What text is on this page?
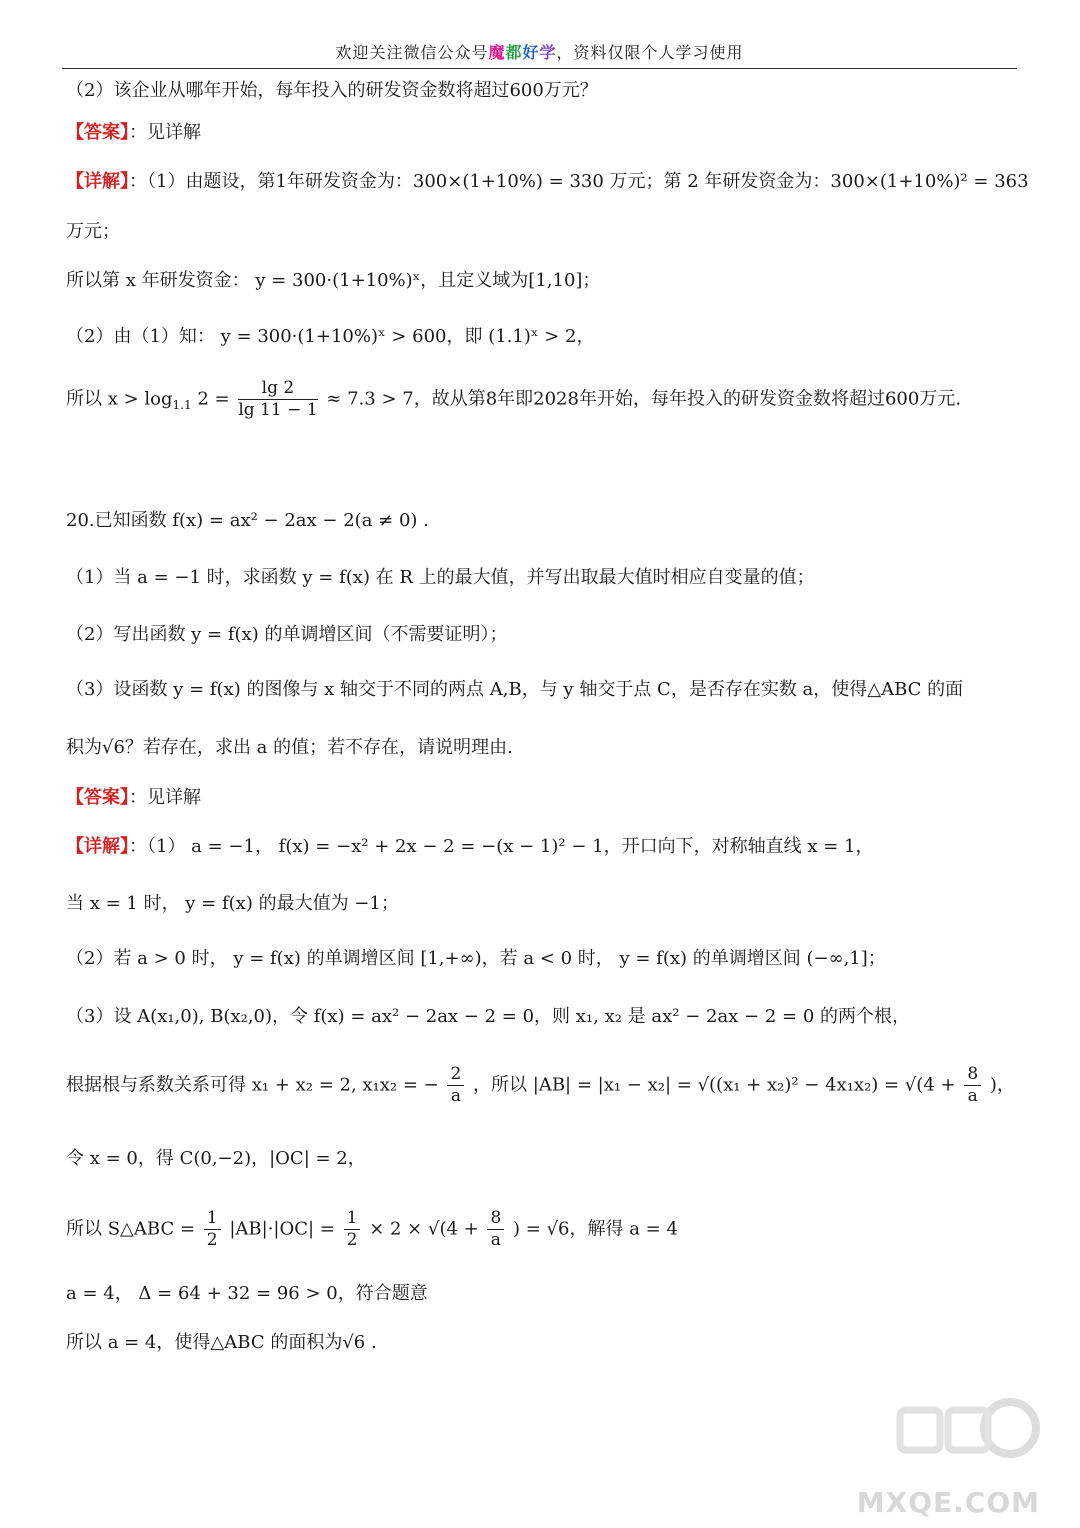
欢迎关注微信公众号魔都好学，资料仅限个人学习使用
（2）该企业从哪年开始，每年投入的研发资金数将超过600万元？
【答案】：见详解
【详解】：（1）由题设，第1年研发资金为：300×(1+10%) = 330 万元；第 2 年研发资金为：300×(1+10%)² = 363
万元；
所以第 x 年研发资金： y = 300·(1+10%)ˣ，且定义域为[1,10]；
（2）由（1）知： y = 300·(1+10%)ˣ > 600，即 (1.1)ˣ > 2，
所以 $x > \log_{1.1} 2 = \frac{\lg 2}{\lg 11 - 1} \approx 7.3 > 7$，故从第8年即2028年开始，每年投入的研发资金数将超过600万元.
20.已知函数 f(x) = ax² − 2ax − 2(a ≠ 0) .
（1）当 a = −1 时，求函数 y = f(x) 在 R 上的最大值，并写出取最大值时相应自变量的值；
（2）写出函数 y = f(x) 的单调增区间（不需要证明）；
（3）设函数 y = f(x) 的图像与 x 轴交于不同的两点 A,B，与 y 轴交于点 C，是否存在实数 a，使得△ABC 的面
积为√6？若存在，求出 a 的值；若不存在，请说明理由.
【答案】：见详解
【详解】：（1） a = −1， f(x) = −x² + 2x − 2 = −(x − 1)² − 1，开口向下，对称轴直线 x = 1，
当 x = 1 时， y = f(x) 的最大值为 −1；
（2）若 a > 0 时， y = f(x) 的单调增区间 [1,+∞)，若 a < 0 时， y = f(x) 的单调增区间 (−∞,1]；
（3）设 A(x₁,0), B(x₂,0)，令 f(x) = ax² − 2ax − 2 = 0，则 x₁, x₂ 是 ax² − 2ax − 2 = 0 的两个根，
根据根与系数关系可得 x₁ + x₂ = 2, x₁x₂ = − $\frac{2}{a}$ ，所以 $|AB| = |x_1 - x_2| = √((x_1 + x_2)^2 - 4x_1x_2) = √(4 + \frac{8}{a}$ )，
令 x = 0，得 C(0,−2)，|OC| = 2，
所以 S△ABC = $\frac{1}{2} |AB|\cdot|OC| = \frac{1}{2} \times 2 \times √(4 + \frac{8}{a}$ ) = √6，解得 a = 4
a = 4， Δ = 64 + 32 = 96 > 0，符合题意
所以 a = 4，使得△ABC 的面积为√6 .
MXQE.COM
